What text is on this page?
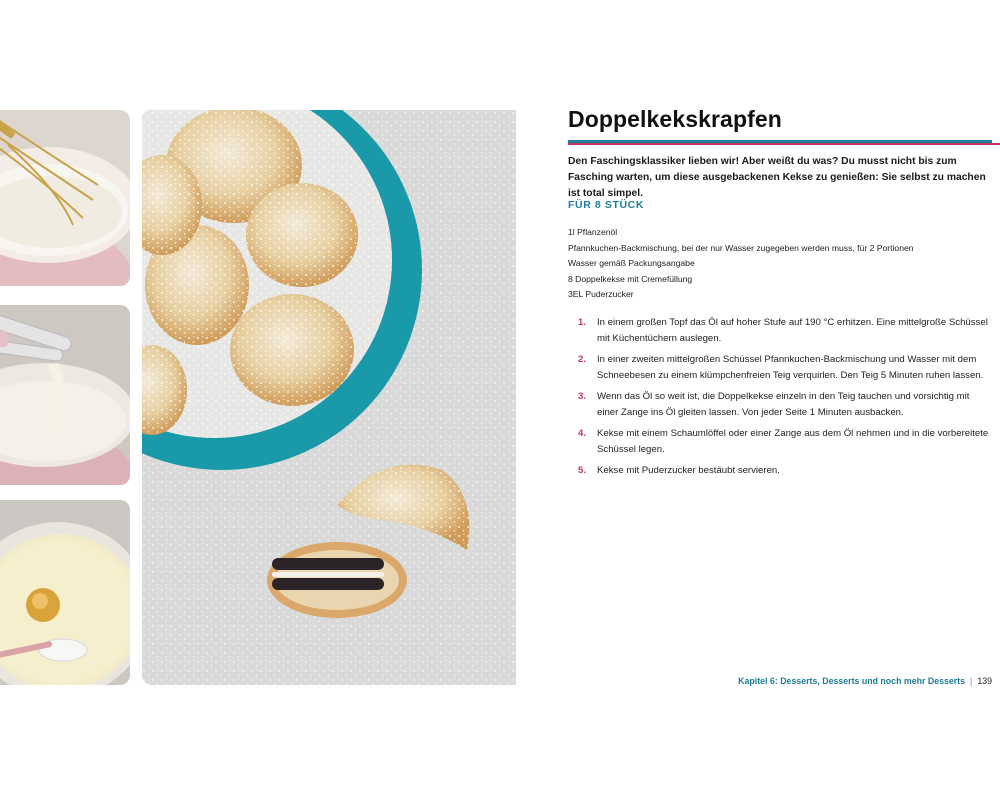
Doppelkekskrapfen

Den Faschingsklassiker lieben wir! Aber weißt du was? Du musst nicht bis zum Fasching warten, um diese ausgebackenen Kekse zu genießen: Sie selbst zu machen ist total simpel.

FÜR 8 STÜCK
1l Pflanzenöl
Pfannkuchen-Backmischung, bei der nur Wasser zugegeben werden muss, für 2 Portionen
Wasser gemäß Packungsangabe
8 Doppelkekse mit Cremefüllung
3EL Puderzucker
1.	In einem großen Topf das Öl auf hoher Stufe auf 190 °C erhitzen. Eine mittelgroße Schüssel mit Küchentüchern auslegen.
2.	In einer zweiten mittelgroßen Schüssel Pfannkuchen-Backmischung und Wasser mit dem Schneebesen zu einem klümpchenfreien Teig verquirlen. Den Teig 5 Minuten ruhen lassen.
3.	Wenn das Öl so weit ist, die Doppelkekse einzeln in den Teig tauchen und vorsichtig mit einer Zange ins Öl gleiten lassen. Von jeder Seite 1 Minuten ausbacken.
4.	Kekse mit einem Schaumlöffel oder einer Zange aus dem Öl nehmen und in die vorbereitete Schüssel legen.
5.	Kekse mit Puderzucker bestäubt servieren.
Kapitel 6: Desserts, Desserts und noch mehr Desserts | 139
